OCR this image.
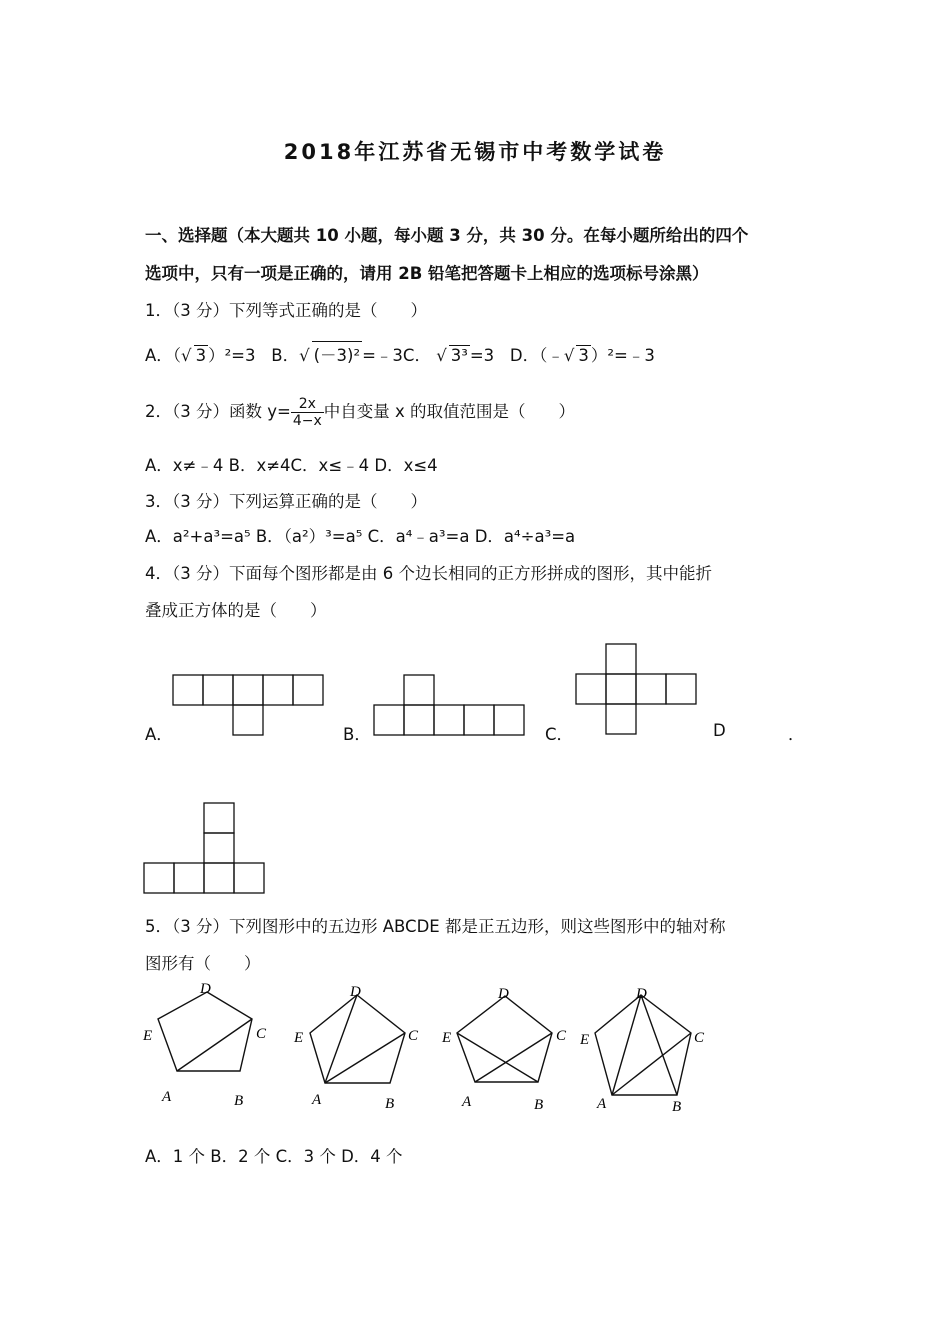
2018年江苏省无锡市中考数学试卷
一、选择题（本大题共 10 小题，每小题 3 分，共 30 分。在每小题所给出的四个
选项中，只有一项是正确的，请用 2B 铅笔把答题卡上相应的选项标号涂黑）
1．（3 分）下列等式正确的是（　　）
A．（√ 3 ）²=3 B．√ (－3)² =﹣3C． √ 3³ =3 D．（﹣√ 3 ）²=﹣3
2．（3 分）函数 $y= \frac{2x}{4-x}$ 中自变量 x 的取值范围是（　　）
A．x≠﹣4 B．x≠4C．x≤﹣4 D．x≤4
3．（3 分）下列运算正确的是（　　）
A．a²+a³=a⁵ B．（a²）³=a⁵ C．a⁴﹣a³=a D．a⁴÷a³=a
4．（3 分）下面每个图形都是由 6 个边长相同的正方形拼成的图形，其中能折
叠成正方体的是（　　）
A．	B．	C．	D	．
5．（3 分）下列图形中的五边形 ABCDE 都是正五边形，则这些图形中的轴对称
图形有（　　）
D
C
B
A
E
D
C
B
A
E
D
C
B
A
E
D
C
B
A
E
A．1 个 B．2 个 C．3 个 D．4 个
